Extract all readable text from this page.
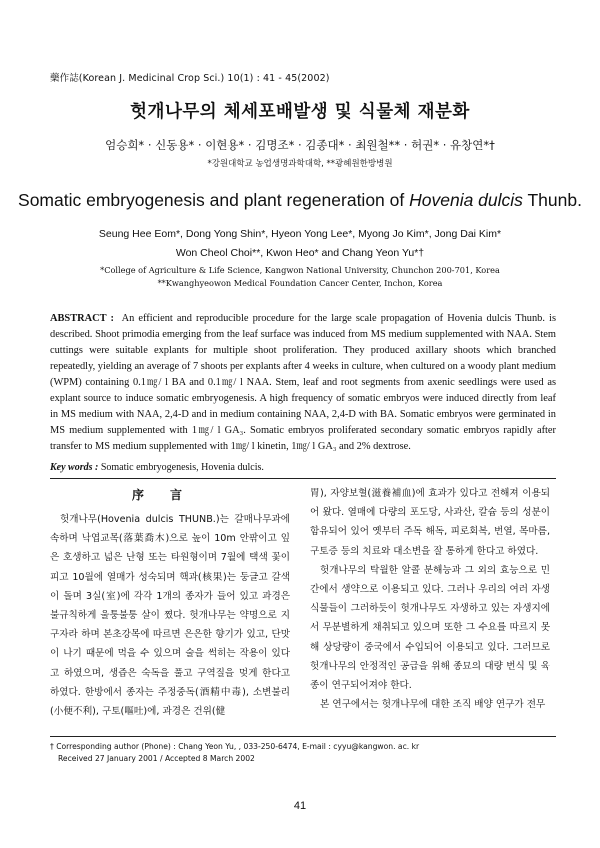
藥作誌(Korean J. Medicinal Crop Sci.) 10(1) : 41 - 45(2002)
헛개나무의 체세포배발생 및 식물체 재분화
엄승희* · 신동용* · 이현용* · 김명조* · 김종대* · 최원철** · 허권* · 유창연*†
*강원대학교 농업생명과학대학, **광혜원한방병원
Somatic embryogenesis and plant regeneration of Hovenia dulcis Thunb.
Seung Hee Eom*, Dong Yong Shin*, Hyeon Yong Lee*, Myong Jo Kim*, Jong Dai Kim*
Won Cheol Choi**, Kwon Heo* and Chang Yeon Yu*†
*College of Agriculture & Life Science, Kangwon National University, Chunchon 200-701, Korea
**Kwanghyeowon Medical Foundation Cancer Center, Inchon, Korea
ABSTRACT : An efficient and reproducible procedure for the large scale propagation of Hovenia dulcis Thunb. is described. Shoot primodia emerging from the leaf surface was induced from MS medium supplemented with NAA. Stem cuttings were suitable explants for multiple shoot proliferation. They produced axillary shoots which branched repeatedly, yielding an average of 7 shoots per explants after 4 weeks in culture, when cultured on a woody plant medium (WPM) containing 0.1㎎/ l BA and 0.1㎎/ l NAA. Stem, leaf and root segments from axenic seedlings were used as explant source to induce somatic embryogenesis. A high frequency of somatic embryos were induced directly from leaf in MS medium with NAA, 2,4-D and in medium containing NAA, 2,4-D with BA. Somatic embryos were germinated in MS medium supplemented with 1㎎/ l GA₃. Somatic embryos proliferated secondary somatic embryos rapidly after transfer to MS medium supplemented with 1㎎/ l kinetin, 1㎎/ l GA₃ and 2% dextrose.
Key words : Somatic embryogenesis, Hovenia dulcis.
序言

헛개나무(Hovenia dulcis THUNB.)는 갈매나무과에 속하며 낙엽교목(落葉喬木)으로 높이 10m 안팎이고 잎은 호생하고 넓은 난형 또는 타원형이며 7월에 택색 꽃이 피고 10월에 열매가 성숙되며 핵과(核果)는 둥글고 갈색이 돌며 3실(室)에 각각 1개의 종자가 들어 있고 과경은 불규칙하게 울퉁불퉁 살이 쪘다. 헛개나무는 약명으로 지구자라 하며 본초강목에 따르면 은은한 향기가 있고, 단맛이 나기 때문에 먹을 수 있으며 술을 썩히는 작용이 있다고 하였으며, 생즙은 숙독을 풀고 구역질을 멎게 한다고 하였다. 한방에서 종자는 주정중독(酒精中毒), 소변불리(小便不利), 구토(嘔吐)에, 과경은 건위(健

胃), 자양보혈(滋養補血)에 효과가 있다고 전해져 이용되어 왔다. 열매에 다량의 포도당, 사과산, 칼슘 등의 성분이 함유되어 있어 옛부터 주독 해독, 피로회복, 번열, 목마름, 구토증 등의 치료와 대소변을 잘 통하게 한다고 하였다.

헛개나무의 탁월한 알콜 분해능과 그 외의 효능으로 민간에서 생약으로 이용되고 있다. 그러나 우리의 여러 자생식물들이 그러하듯이 헛개나무도 자생하고 있는 자생지에서 무분별하게 채취되고 있으며 또한 그 수요를 따르지 못해 상당량이 중국에서 수입되어 이용되고 있다. 그러므로 헛개나무의 안정적인 공급을 위해 종묘의 대량 번식 및 육종이 연구되어져야 한다.

본 연구에서는 헛개나무에 대한 조직 배양 연구가 전무

† Corresponding author (Phone) : Chang Yeon Yu, , 033-250-6474, E-mail : cyyu@kangwon. ac. kr
Received 27 January 2001 / Accepted 8 March 2002
41
